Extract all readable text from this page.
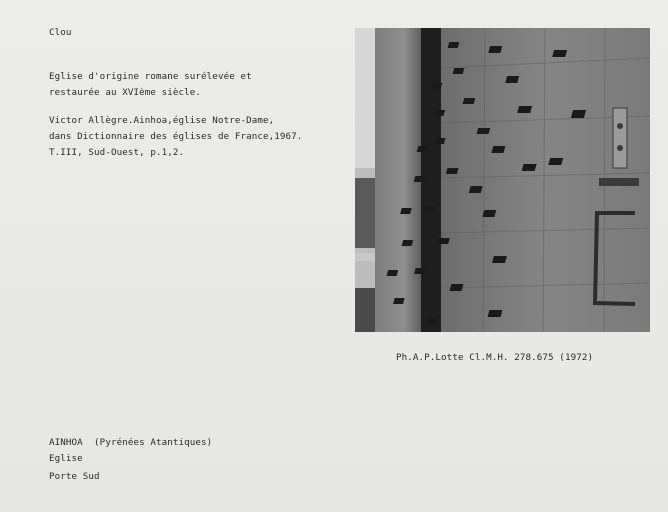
Clou
Eglise d'origine romane surélevée et
restaurée au XVIème siècle.
Victor Allègre.Ainhoa,église Notre-Dame,
dans Dictionnaire des églises de France,1967.
T.III, Sud-Ouest, p.1,2.
Ph.A.P.Lotte Cl.M.H. 278.675 (1972)
AINHOA  (Pyrénées Atantiques)
Eglise
Porte Sud
